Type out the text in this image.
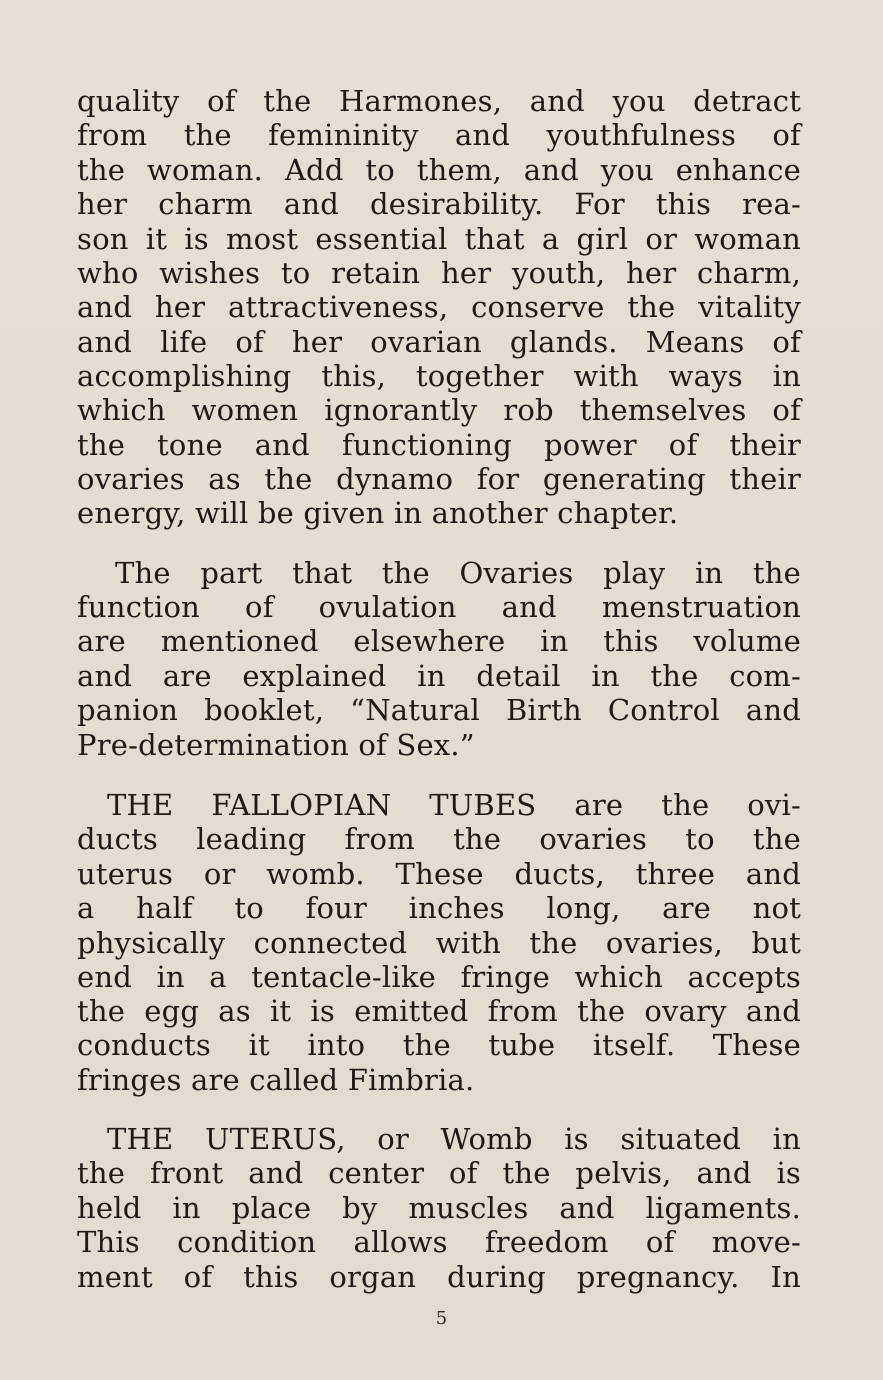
quality of the Harmones, and you detract
from the femininity and youthfulness of
the woman. Add to them, and you enhance
her charm and desirability. For this rea-
son it is most essential that a girl or woman
who wishes to retain her youth, her charm,
and her attractiveness, conserve the vitality
and life of her ovarian glands. Means of
accomplishing this, together with ways in
which women ignorantly rob themselves of
the tone and functioning power of their
ovaries as the dynamo for generating their
energy, will be given in another chapter.
The part that the Ovaries play in the
function of ovulation and menstruation
are mentioned elsewhere in this volume
and are explained in detail in the com-
panion booklet, “Natural Birth Control and
Pre-determination of Sex.”
THE FALLOPIAN TUBES are the ovi-
ducts leading from the ovaries to the
uterus or womb. These ducts, three and
a half to four inches long, are not
physically connected with the ovaries, but
end in a tentacle-like fringe which accepts
the egg as it is emitted from the ovary and
conducts it into the tube itself. These
fringes are called Fimbria.
THE UTERUS, or Womb is situated in
the front and center of the pelvis, and is
held in place by muscles and ligaments.
This condition allows freedom of move-
ment of this organ during pregnancy. In
5
